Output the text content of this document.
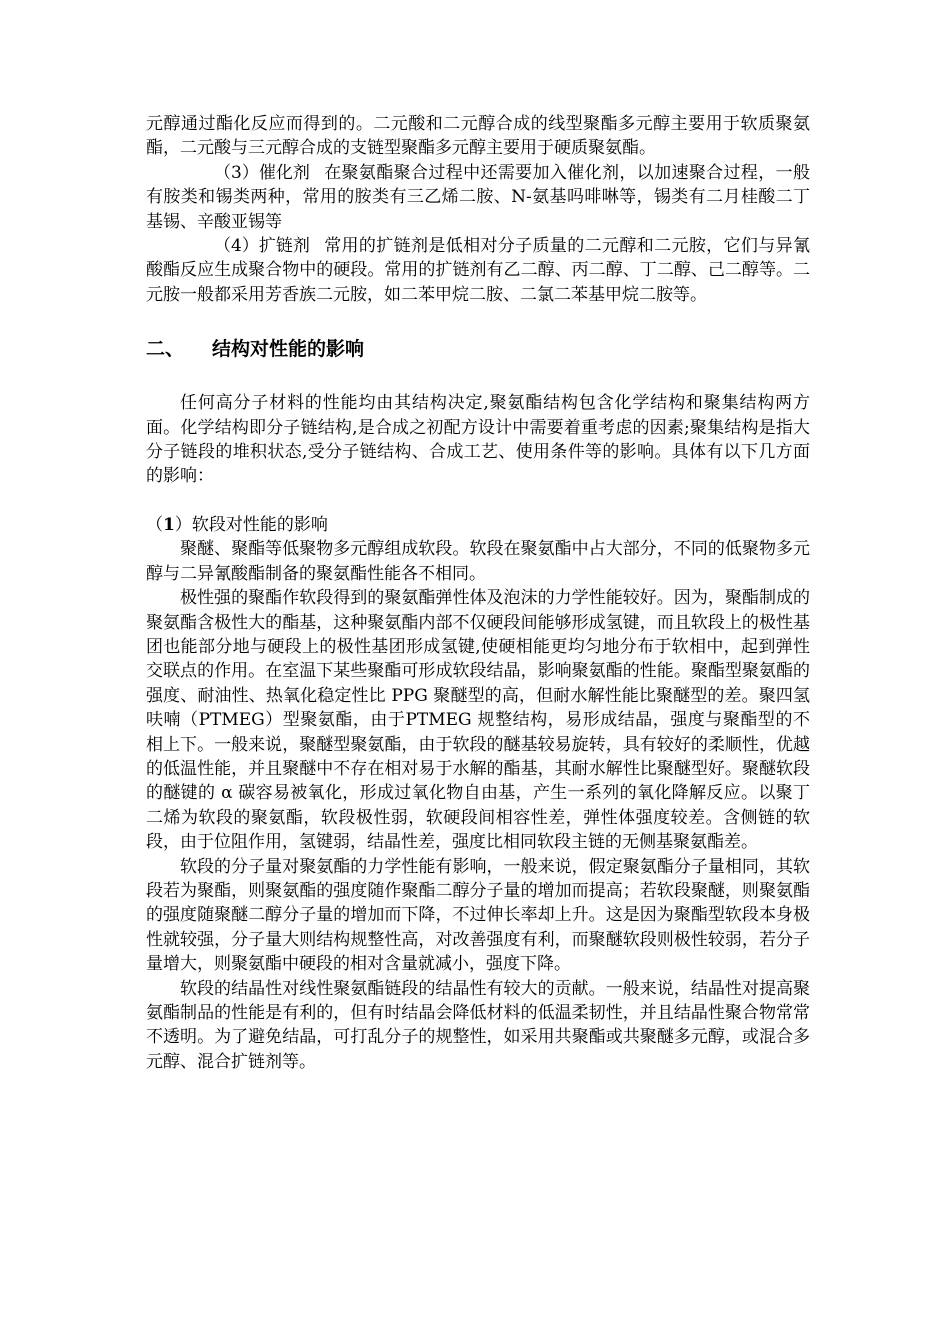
元醇通过酯化反应而得到的。二元酸和二元醇合成的线型聚酯多元醇主要用于软质聚氨酯，二元酸与三元醇合成的支链型聚酯多元醇主要用于硬质聚氨酯。

（3）催化剂 在聚氨酯聚合过程中还需要加入催化剂，以加速聚合过程，一般有胺类和锡类两种，常用的胺类有三乙烯二胺、N-氨基吗啡啉等，锡类有二月桂酸二丁基锡、辛酸亚锡等

（4）扩链剂 常用的扩链剂是低相对分子质量的二元醇和二元胺，它们与异氰酸酯反应生成聚合物中的硬段。常用的扩链剂有乙二醇、丙二醇、丁二醇、己二醇等。二元胺一般都采用芳香族二元胺，如二苯甲烷二胺、二氯二苯基甲烷二胺等。

二、 结构对性能的影响

任何高分子材料的性能均由其结构决定,聚氨酯结构包含化学结构和聚集结构两方面。化学结构即分子链结构,是合成之初配方设计中需要着重考虑的因素;聚集结构是指大分子链段的堆积状态,受分子链结构、合成工艺、使用条件等的影响。具体有以下几方面的影响：

（1）软段对性能的影响

聚醚、聚酯等低聚物多元醇组成软段。软段在聚氨酯中占大部分，不同的低聚物多元醇与二异氰酸酯制备的聚氨酯性能各不相同。

极性强的聚酯作软段得到的聚氨酯弹性体及泡沫的力学性能较好。因为，聚酯制成的聚氨酯含极性大的酯基，这种聚氨酯内部不仅硬段间能够形成氢键，而且软段上的极性基团也能部分地与硬段上的极性基团形成氢键,使硬相能更均匀地分布于软相中，起到弹性交联点的作用。在室温下某些聚酯可形成软段结晶，影响聚氨酯的性能。聚酯型聚氨酯的强度、耐油性、热氧化稳定性比 PPG 聚醚型的高，但耐水解性能比聚醚型的差。聚四氢呋喃（PTMEG）型聚氨酯，由于PTMEG 规整结构，易形成结晶，强度与聚酯型的不相上下。一般来说，聚醚型聚氨酯，由于软段的醚基较易旋转，具有较好的柔顺性，优越的低温性能，并且聚醚中不存在相对易于水解的酯基，其耐水解性比聚醚型好。聚醚软段的醚键的 α 碳容易被氧化，形成过氧化物自由基，产生一系列的氧化降解反应。以聚丁二烯为软段的聚氨酯，软段极性弱，软硬段间相容性差，弹性体强度较差。含侧链的软段，由于位阻作用，氢键弱，结晶性差，强度比相同软段主链的无侧基聚氨酯差。

软段的分子量对聚氨酯的力学性能有影响，一般来说，假定聚氨酯分子量相同，其软段若为聚酯，则聚氨酯的强度随作聚酯二醇分子量的增加而提高；若软段聚醚，则聚氨酯的强度随聚醚二醇分子量的增加而下降，不过伸长率却上升。这是因为聚酯型软段本身极性就较强，分子量大则结构规整性高，对改善强度有利，而聚醚软段则极性较弱，若分子量增大，则聚氨酯中硬段的相对含量就减小，强度下降。

软段的结晶性对线性聚氨酯链段的结晶性有较大的贡献。一般来说，结晶性对提高聚氨酯制品的性能是有利的，但有时结晶会降低材料的低温柔韧性，并且结晶性聚合物常常不透明。为了避免结晶，可打乱分子的规整性，如采用共聚酯或共聚醚多元醇，或混合多元醇、混合扩链剂等。
